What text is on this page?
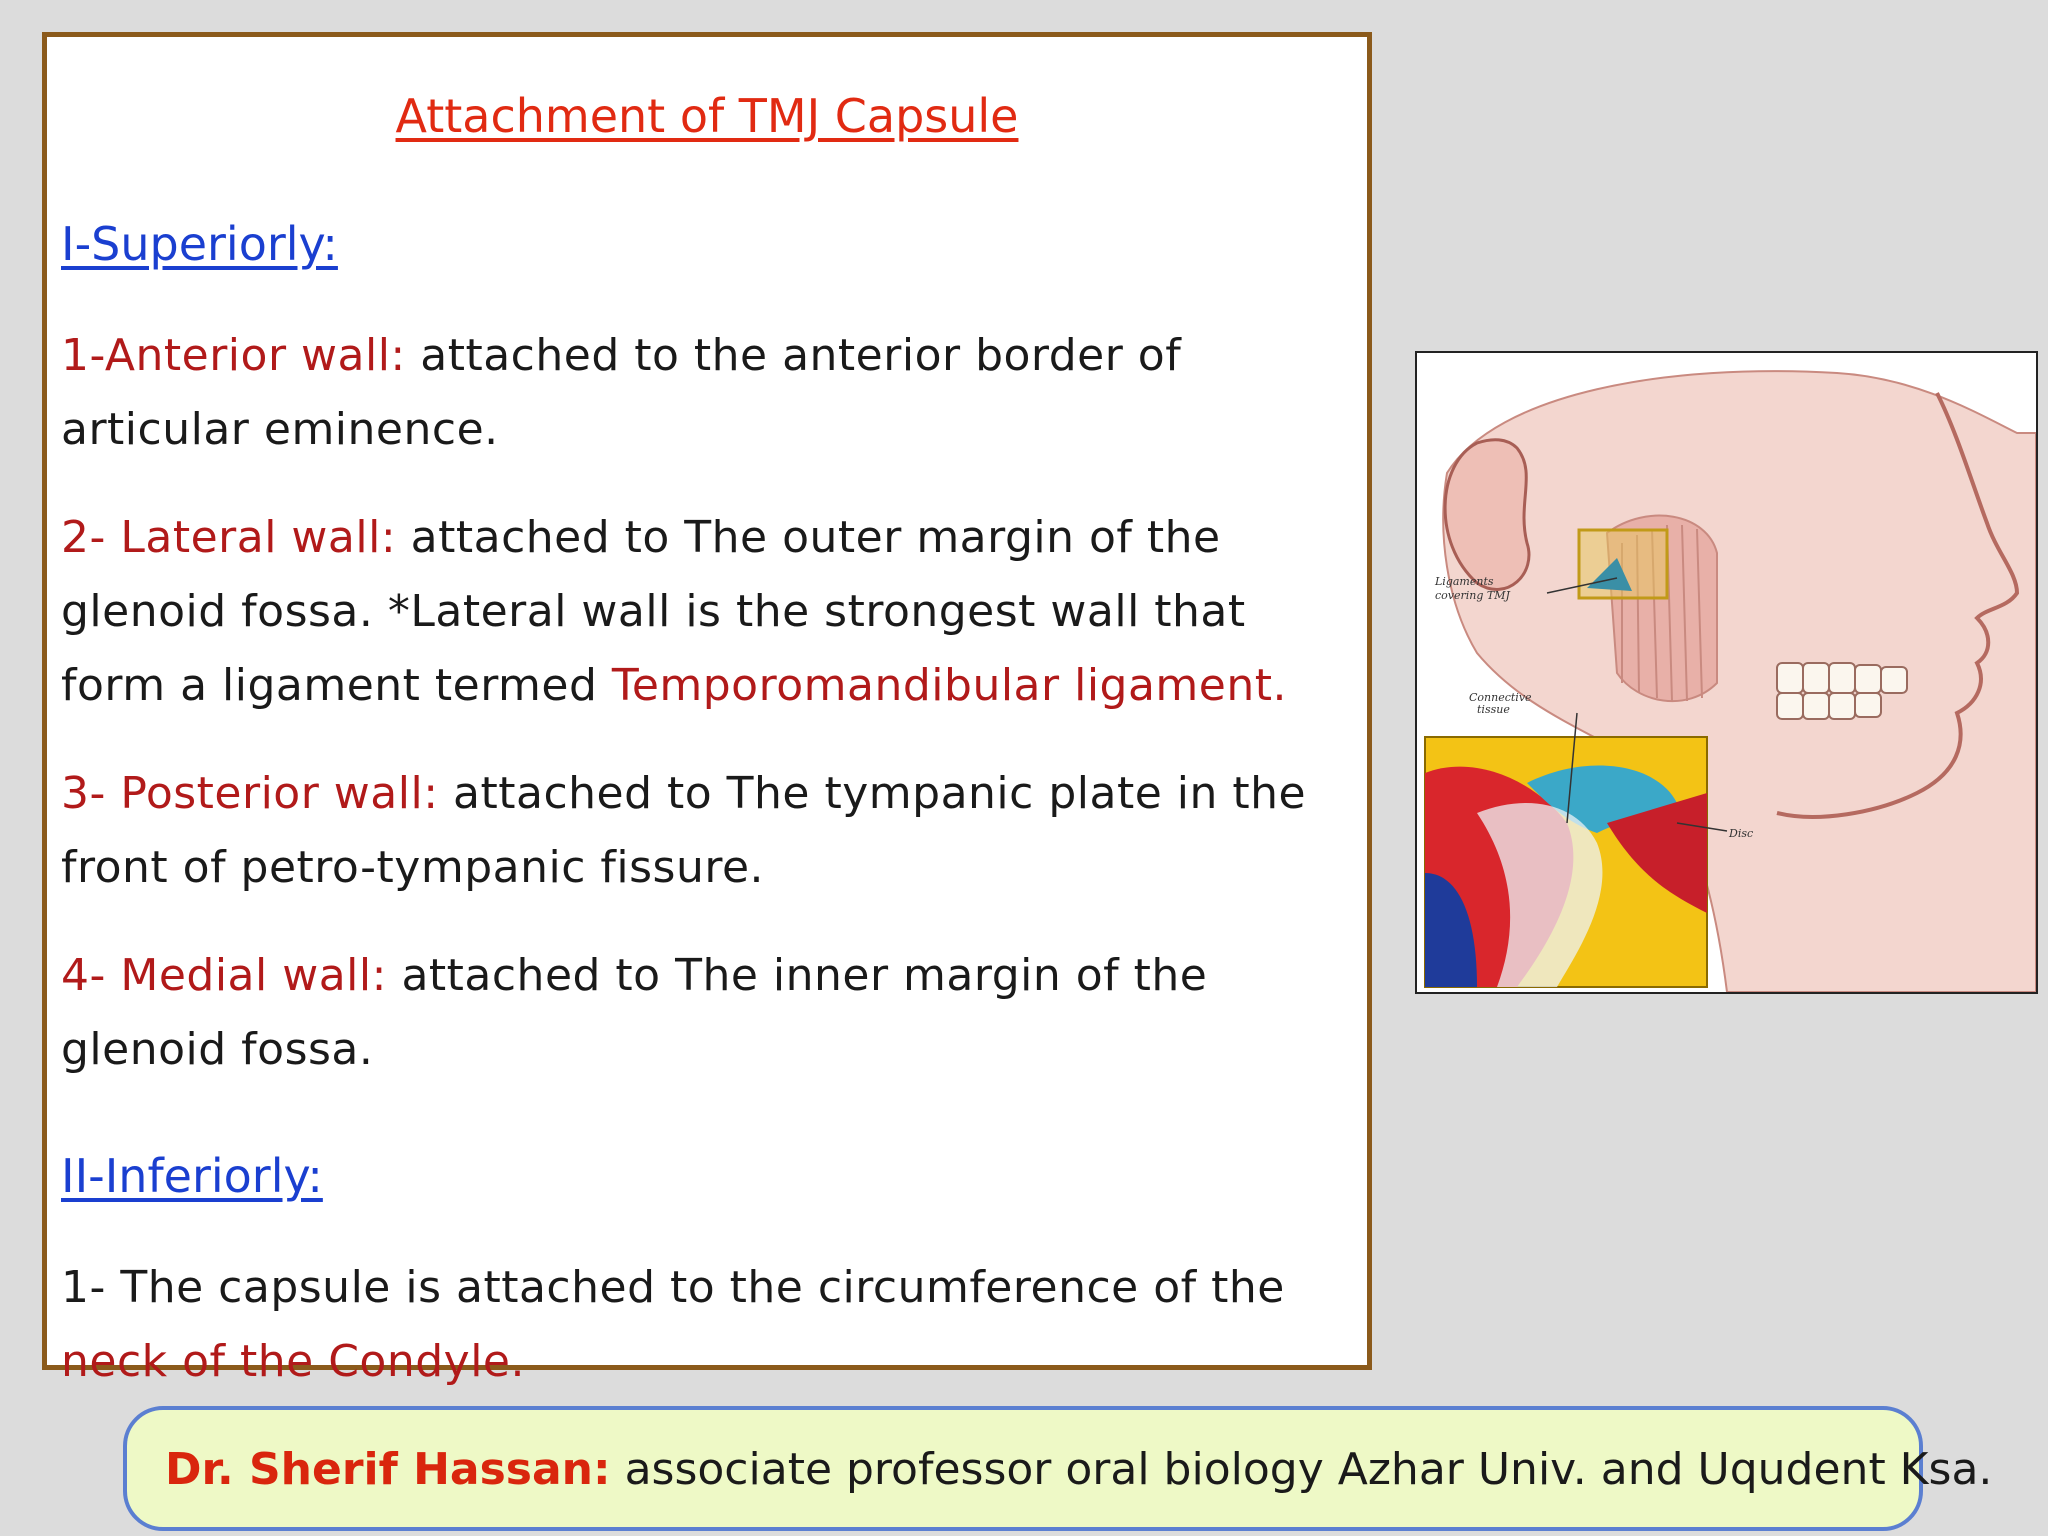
Attachment of TMJ Capsule
I-Superiorly:
1-Anterior wall: attached to the anterior border of articular eminence.
2- Lateral wall: attached to The outer margin of the glenoid fossa. *Lateral wall is the strongest wall that form a ligament termed Temporomandibular ligament.
3- Posterior wall: attached to The tympanic plate in the front of petro-tympanic fissure.
4- Medial wall: attached to The inner margin of the glenoid fossa.
II-Inferiorly:
1- The capsule is attached to the circumference of the neck of the Condyle.
Ligaments
covering TMJ
Connective
tissue
Disc
Dr. Sherif Hassan: associate professor oral biology Azhar Univ. and Uqudent Ksa.
